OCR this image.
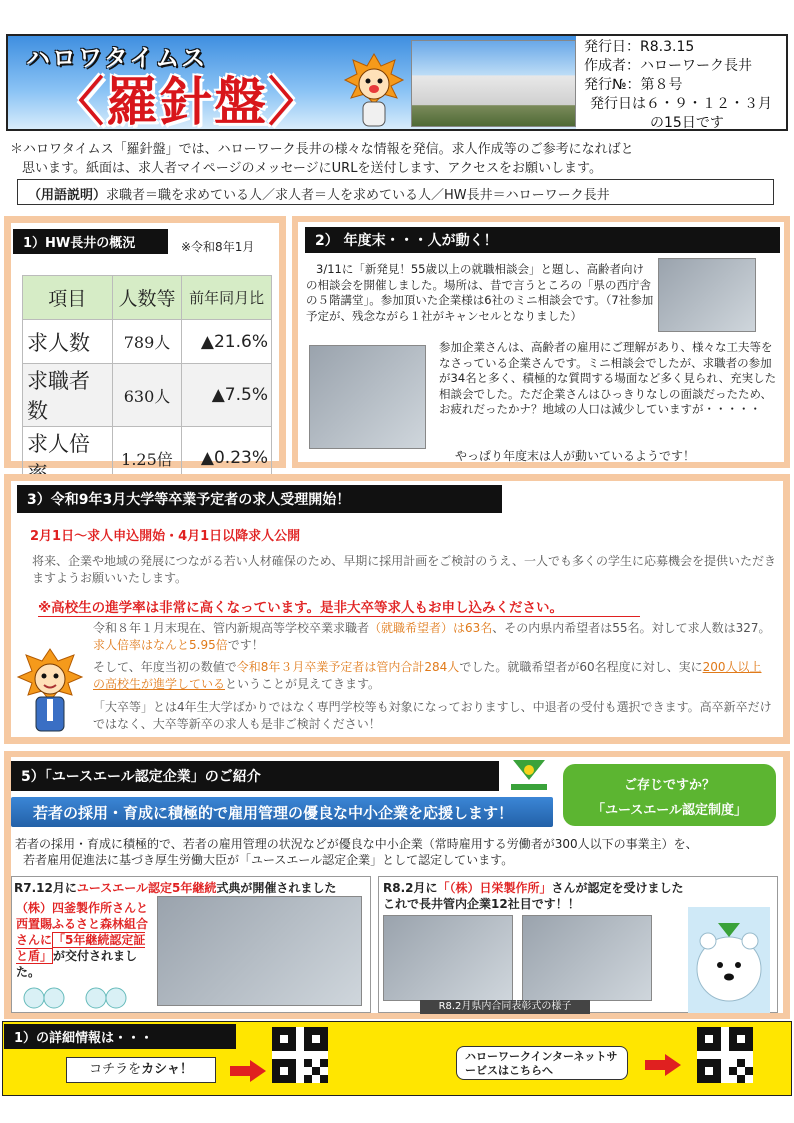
ハロワタイムス
〈羅針盤〉
発行日：R8.3.15
作成者：ハローワーク長井
発行№：第８号
発行日は６・９・１２・３月
の15日です
＊ハロワタイムス「羅針盤」では、ハローワーク長井の様々な情報を発信。求人作成等のご参考になればと
思います。紙面は、求人者マイページのメッセージにURLを送付します、アクセスをお願いします。
（用語説明）求職者＝職を求めている人／求人者＝人を求めている人／HW長井＝ハローワーク長井
1）HW長井の概況	※令和8年1月
項目	人数等	前年同月比
求人数	789人	▲21.6%
求職者数	630人	▲7.5%
求人倍	1.25倍	▲0.23%
2） 年度末・・・人が動く！
3/11に「新発見！55歳以上の就職相談会」と題し、高齢者向けの相談会を開催しました。場所は、昔で言うところの「県の西庁舎の５階講堂」。参加頂いた企業様は6社のミニ相談会です。（7社参加予定が、残念ながら１社がキャンセルとなりました）
参加企業さんは、高齢者の雇用にご理解があり、様々な工夫等をなさっている企業さんです。ミニ相談会でしたが、求職者の参加が34名と多く、積極的な質問する場面など多く見られ、充実した相談会でした。ただ企業さんはひっきりなしの面談だったため、お疲れだったかナ？地域の人口は減少していますが・・・・・
やっぱり年度末は人が動いているようです！
3）令和9年3月大学等卒業予定者の求人受理開始！
2月1日～求人申込開始・4月1日以降求人公開
将来、企業や地域の発展につながる若い人材確保のため、早期に採用計画をご検討のうえ、一人でも多くの学生に応募機会を提供いただきますようお願いいたします。
※高校生の進学率は非常に高くなっています。是非大卒等求人もお申し込みください。
令和８年１月末現在、管内新規高等学校卒業求職者（就職希望者）は63名、その内県内希望者は55名。対して求人数は327。求人倍率はなんと5.95倍です！
そして、年度当初の数値で令和8年３月卒業予定者は管内合計284人でした。就職希望者が60名程度に対し、実に200人以上の高校生が進学しているということが見えてきます。
「大卒等」とは4年生大学ばかりではなく専門学校等も対象になっておりますし、中退者の受付も選択できます。高卒新卒だけではなく、大卒等新卒の求人も是非ご検討ください！
5）「ユースエール認定企業」のご紹介
ご存じですか？
「ユースエール認定制度」
若者の採用・育成に積極的で雇用管理の優良な中小企業を応援します！
若者の採用・育成に積極的で、若者の雇用管理の状況などが優良な中小企業（常時雇用する労働者が300人以下の事業主）を、
若者雇用促進法に基づき厚生労働大臣が「ユースエール認定企業」として認定しています。
R7.12月にユースエール認定5年継続式典が開催されました
（株）四釜製作所さんと西置賜ふるさと森林組合さんに「5年継続認定証と盾」が交付されました。
R8.2月に「（株）日栄製作所」さんが認定を受けました
これで長井管内企業12社目です！！
R8.2月県内合同表彰式の様子
1）の詳細情報は・・・
コチラをカシャ！
ハローワークインターネットサービスはこちらへ
